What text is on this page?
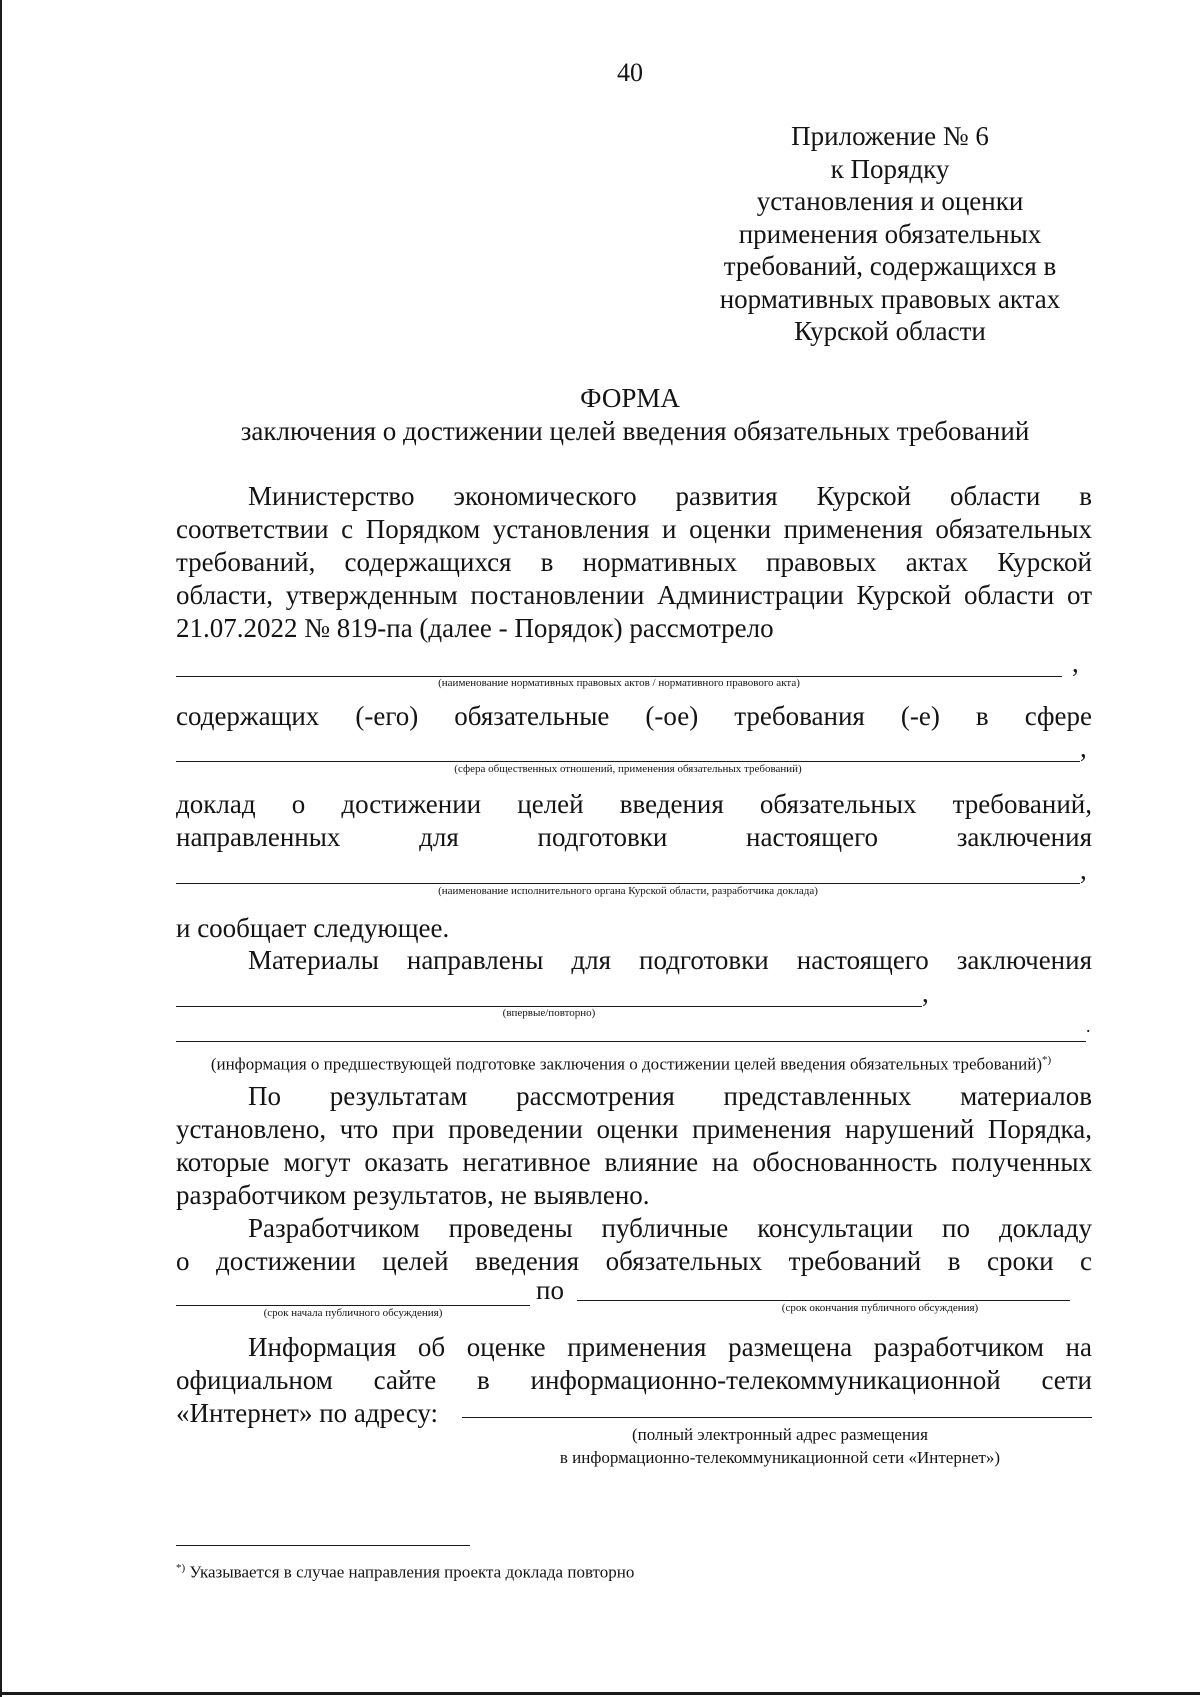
40
Приложение № 6
к Порядку
установления и оценки
применения обязательных
требований, содержащихся в
нормативных правовых актах
Курской области
ФОРМА
заключения о достижении целей введения обязательных требований
Министерство экономического развития Курской области в
соответствии с Порядком установления и оценки применения обязательных
требований, содержащихся в нормативных правовых актах Курской
области, утвержденным постановлении Администрации Курской области от
21.07.2022 № 819-па (далее - Порядок) рассмотрело
,
(наименование нормативных правовых актов / нормативного правового акта)
содержащих (-его) обязательные (-ое) требования (-е) в сфере
,
(сфера общественных отношений, применения обязательных требований)
доклад о достижении целей введения обязательных требований,
направленных для подготовки настоящего заключения
,
(наименование исполнительного органа Курской области, разработчика доклада)
и сообщает следующее.
Материалы направлены для подготовки настоящего заключения
,
(впервые/повторно)
.
(информация о предшествующей подготовке заключения о достижении целей введения обязательных требований)*)
По результатам рассмотрения представленных материалов
установлено, что при проведении оценки применения нарушений Порядка,
которые могут оказать негативное влияние на обоснованность полученных
разработчиком результатов, не выявлено.
Разработчиком проведены публичные консультации по докладу
о достижении целей введения обязательных требований в сроки с
по
(срок начала публичного обсуждения)	(срок окончания публичного обсуждения)
Информация об оценке применения размещена разработчиком на
официальном сайте в информационно-телекоммуникационной сети
«Интернет» по адресу:
(полный электронный адрес размещения
в информационно-телекоммуникационной сети «Интернет»)
*) Указывается в случае направления проекта доклада повторно
